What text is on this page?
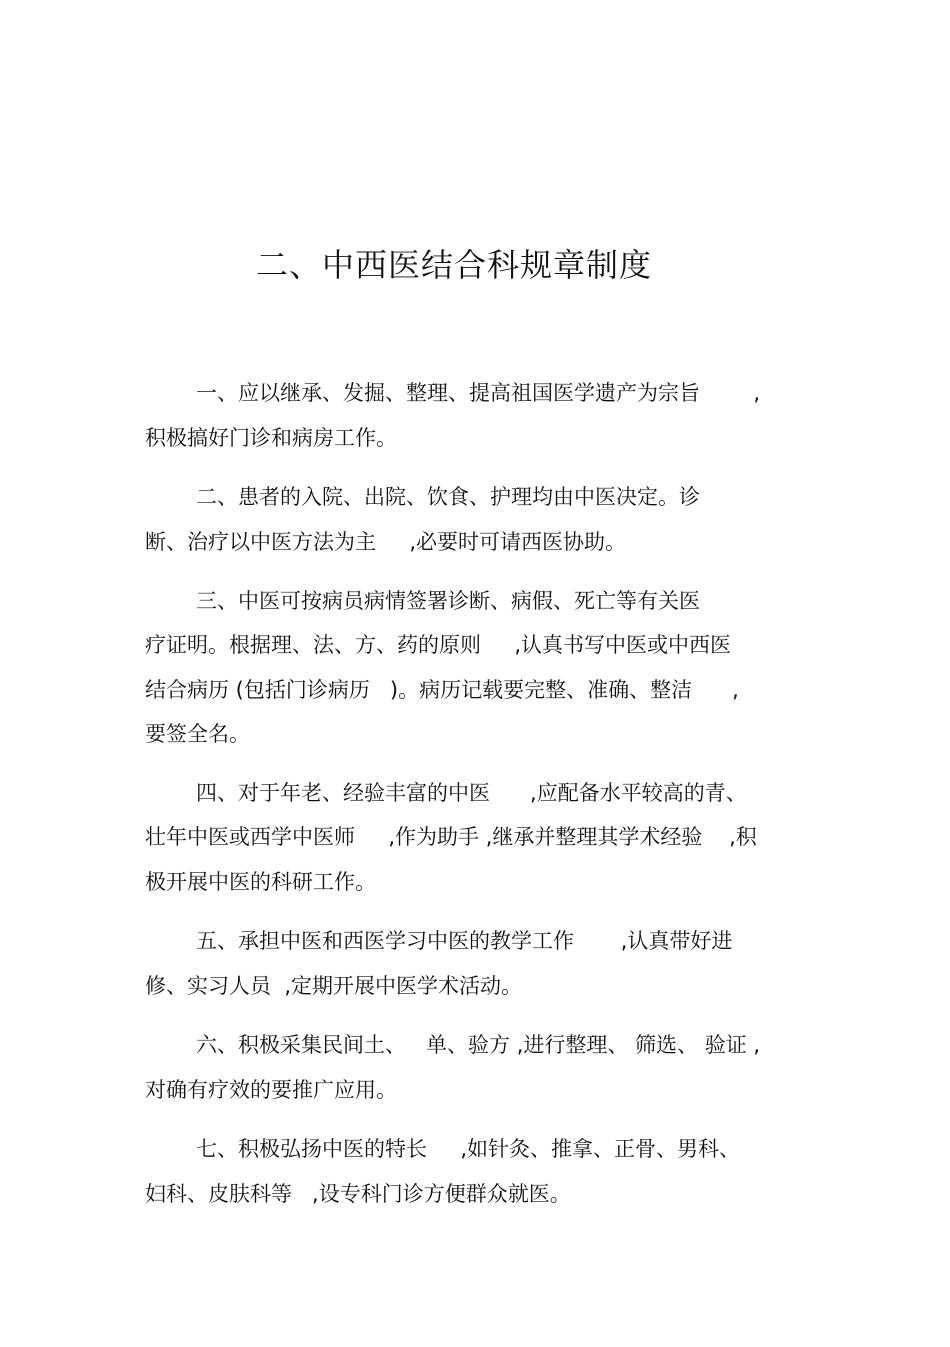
二、中西医结合科规章制度
一、应以继承、发掘、整理、提高祖国医学遗产为宗旨        ,
积极搞好门诊和病房工作。
二、患者的入院、出院、饮食、护理均由中医决定。诊
断、治疗以中医方法为主     ,必要时可请西医协助。
三、中医可按病员病情签署诊断、病假、死亡等有关医
疗证明。根据理、法、方、药的原则     ,认真书写中医或中西医
结合病历 (包括门诊病历   )。病历记载要完整、准确、整洁      ,
要签全名。
四、对于年老、经验丰富的中医      ,应配备水平较高的青、
壮年中医或西学中医师     ,作为助手 ,继承并整理其学术经验    ,积
极开展中医的科研工作。
五、承担中医和西医学习中医的教学工作       ,认真带好进
修、实习人员  ,定期开展中医学术活动。
六、积极采集民间土、   单、验方 ,进行整理、 筛选、 验证 ,
对确有疗效的要推广应用。
七、积极弘扬中医的特长     ,如针灸、推拿、正骨、男科、
妇科、皮肤科等   ,设专科门诊方便群众就医。
